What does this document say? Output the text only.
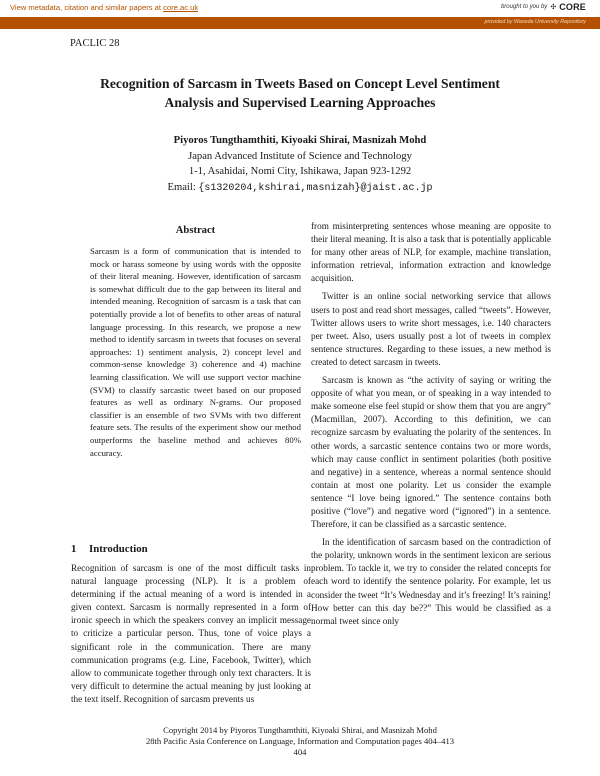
View metadata, citation and similar papers at core.ac.uk	brought to you by ✣ CORE
provided by Waseda University Repository
PACLIC 28
Recognition of Sarcasm in Tweets Based on Concept Level Sentiment
Analysis and Supervised Learning Approaches
Piyoros Tungthamthiti, Kiyoaki Shirai, Masnizah Mohd
Japan Advanced Institute of Science and Technology
1-1, Asahidai, Nomi City, Ishikawa, Japan 923-1292
Email: {s1320204,kshirai,masnizah}@jaist.ac.jp
Abstract
Sarcasm is a form of communication that is intended to mock or harass someone by using words with the opposite of their literal meaning. However, identification of sarcasm is somewhat difficult due to the gap between its literal and intended meaning. Recognition of sarcasm is a task that can potentially provide a lot of benefits to other areas of natural language processing. In this research, we propose a new method to identify sarcasm in tweets that focuses on several approaches: 1) sentiment analysis, 2) concept level and common-sense knowledge 3) coherence and 4) machine learning classification. We will use support vector machine (SVM) to classify sarcastic tweet based on our proposed features as well as ordinary N-grams. Our proposed classifier is an ensemble of two SVMs with two different feature sets. The results of the experiment show our method outperforms the baseline method and achieves 80% accuracy.
1 Introduction
Recognition of sarcasm is one of the most difficult tasks in natural language processing (NLP). It is a problem of determining if the actual meaning of a word is intended in a given context. Sarcasm is normally represented in a form of ironic speech in which the speakers convey an implicit message to criticize a particular person. Thus, tone of voice plays a significant role in the communication. There are many communication programs (e.g. Line, Facebook, Twitter), which allow to communicate together through only text characters. It is very difficult to determine the actual meaning by just looking at the text itself. Recognition of sarcasm prevents us

from misinterpreting sentences whose meaning are opposite to their literal meaning. It is also a task that is potentially applicable for many other areas of NLP, for example, machine translation, information retrieval, information extraction and knowledge acquisition.

Twitter is an online social networking service that allows users to post and read short messages, called “tweets”. However, Twitter allows users to write short messages, i.e. 140 characters per tweet. Also, users usually post a lot of tweets in complex sentence structures. Regarding to these issues, a new method is created to detect sarcasm in tweets.

Sarcasm is known as “the activity of saying or writing the opposite of what you mean, or of speaking in a way intended to make someone else feel stupid or show them that you are angry” (Macmillan, 2007). According to this definition, we can recognize sarcasm by evaluating the polarity of the sentences. In other words, a sarcastic sentence contains two or more words, which may cause conflict in sentiment polarities (both positive and negative) in a sentence, whereas a normal sentence should contain at most one polarity. Let us consider the example sentence “I love being ignored.” The sentence contains both positive (“love”) and negative word (“ignored”) in a sentence. Therefore, it can be classified as a sarcastic sentence.

In the identification of sarcasm based on the contradiction of the polarity, unknown words in the sentiment lexicon are serious problem. To tackle it, we try to consider the related concepts for each word to identify the sentence polarity. For example, let us consider the tweet “It’s Wednesday and it’s freezing! It’s raining! How better can this day be??” This would be classified as a normal tweet since only

Copyright 2014 by Piyoros Tungthamthiti, Kiyoaki Shirai, and Masnizah Mohd
28th Pacific Asia Conference on Language, Information and Computation pages 404–413
404
